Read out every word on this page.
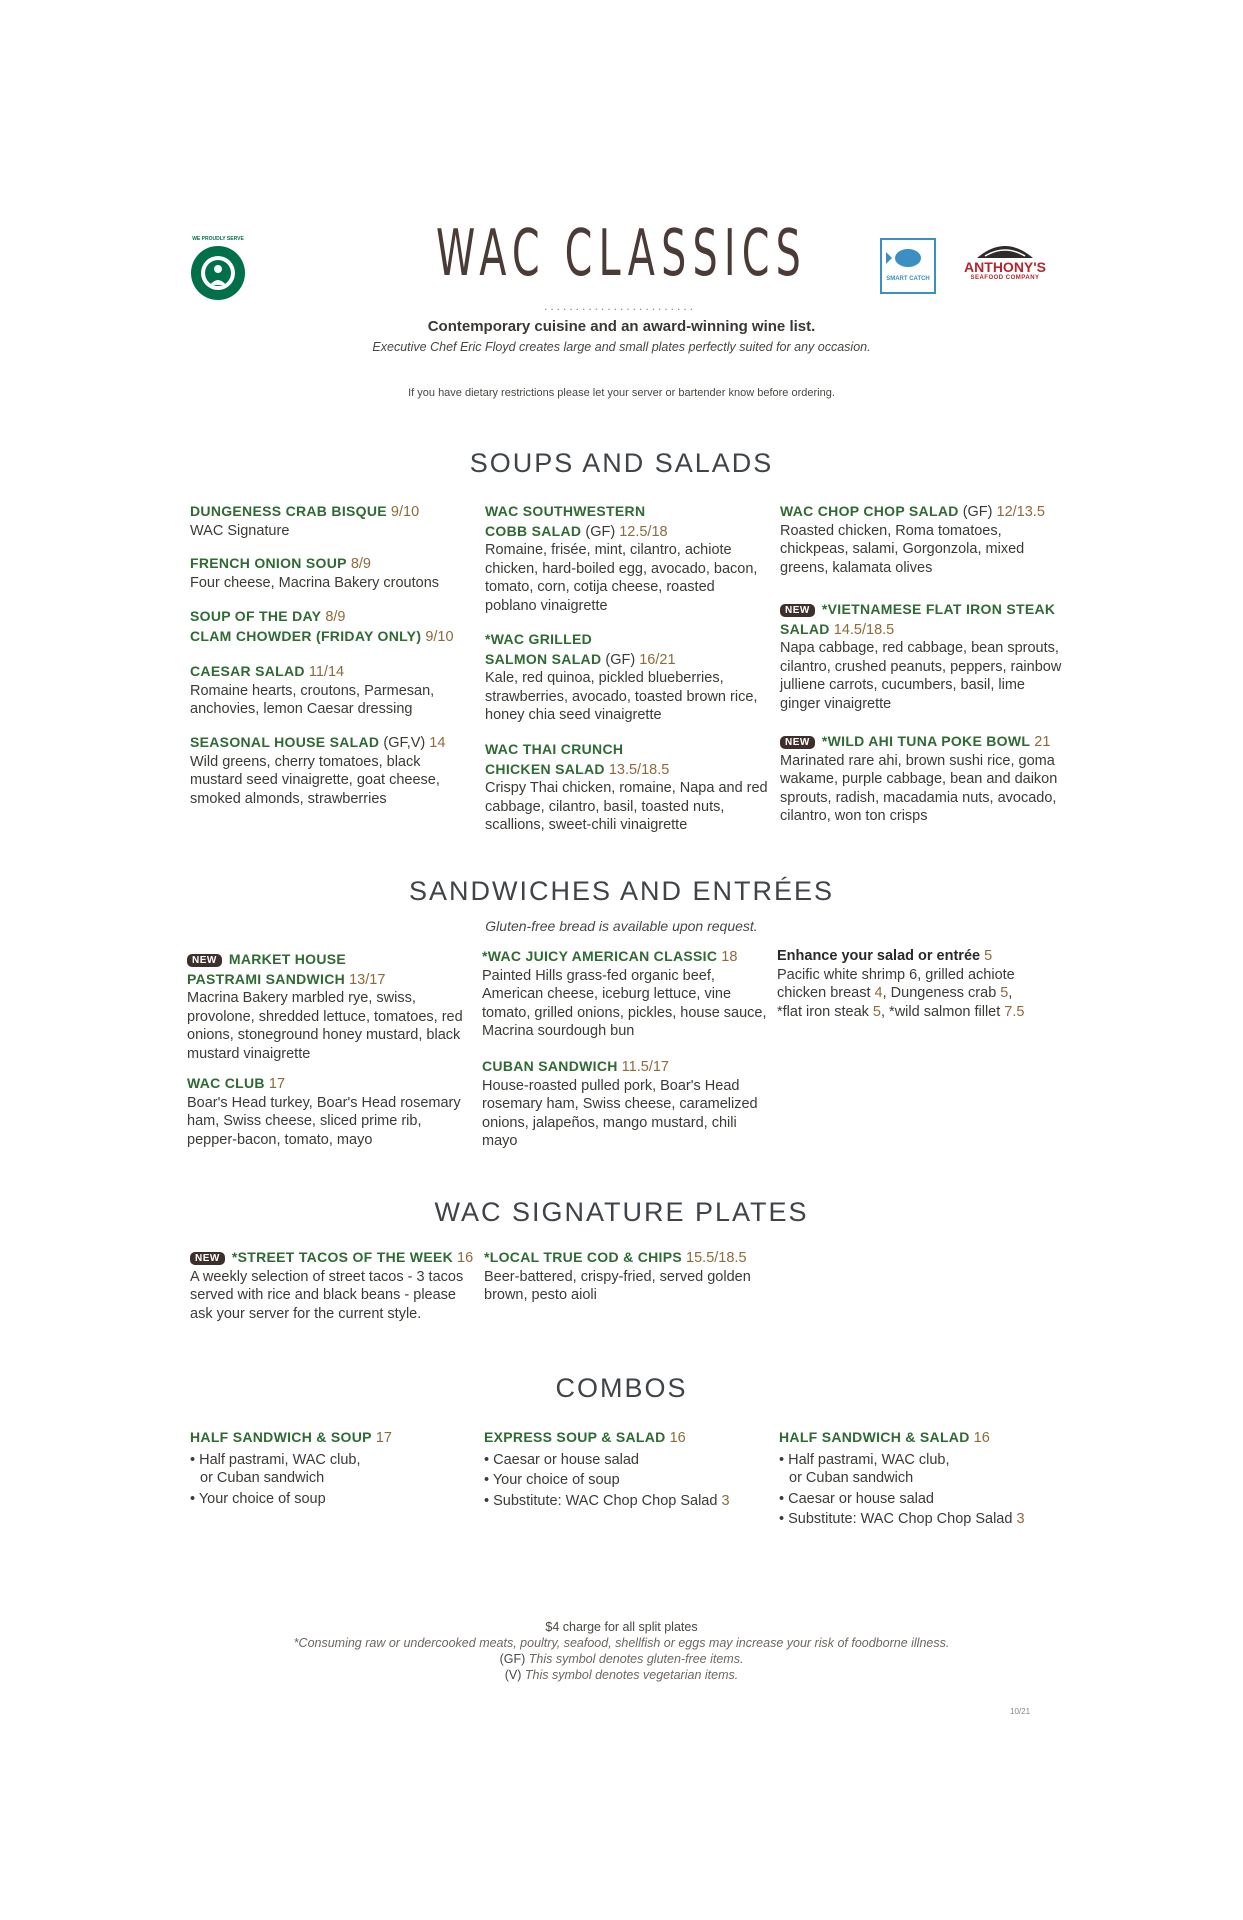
WE PROUDLY SERVE
SMART CATCH
ANTHONY'S
SEAFOOD COMPANY
WAC CLASSICS
........................
Contemporary cuisine and an award-winning wine list.
Executive Chef Eric Floyd creates large and small plates perfectly suited for any occasion.
If you have dietary restrictions please let your server or bartender know before ordering.
SOUPS AND SALADS
DUNGENESS CRAB BISQUE 9/10
WAC Signature
FRENCH ONION SOUP 8/9
Four cheese, Macrina Bakery croutons
SOUP OF THE DAY 8/9
CLAM CHOWDER (FRIDAY ONLY) 9/10
CAESAR SALAD 11/14
Romaine hearts, croutons, Parmesan, anchovies, lemon Caesar dressing
SEASONAL HOUSE SALAD (GF,V) 14
Wild greens, cherry tomatoes, black mustard seed vinaigrette, goat cheese, smoked almonds, strawberries
WAC SOUTHWESTERN
COBB SALAD (GF) 12.5/18
Romaine, frisée, mint, cilantro, achiote chicken, hard-boiled egg, avocado, bacon, tomato, corn, cotija cheese, roasted poblano vinaigrette
*WAC GRILLED
SALMON SALAD (GF) 16/21
Kale, red quinoa, pickled blueberries, strawberries, avocado, toasted brown rice, honey chia seed vinaigrette
WAC THAI CRUNCH
CHICKEN SALAD 13.5/18.5
Crispy Thai chicken, romaine, Napa and red cabbage, cilantro, basil, toasted nuts, scallions, sweet-chili vinaigrette
WAC CHOP CHOP SALAD (GF) 12/13.5
Roasted chicken, Roma tomatoes, chickpeas, salami, Gorgonzola, mixed greens, kalamata olives
NEW *VIETNAMESE FLAT IRON STEAK SALAD 14.5/18.5
Napa cabbage, red cabbage, bean sprouts, cilantro, crushed peanuts, peppers, rainbow julliene carrots, cucumbers, basil, lime ginger vinaigrette
NEW *WILD AHI TUNA POKE BOWL 21
Marinated rare ahi, brown sushi rice, goma wakame, purple cabbage, bean and daikon sprouts, radish, macadamia nuts, avocado, cilantro, won ton crisps
SANDWICHES AND ENTRÉES
Gluten-free bread is available upon request.
NEW MARKET HOUSE
PASTRAMI SANDWICH 13/17
Macrina Bakery marbled rye, swiss, provolone, shredded lettuce, tomatoes, red onions, stoneground honey mustard, black mustard vinaigrette
WAC CLUB 17
Boar's Head turkey, Boar's Head rosemary ham, Swiss cheese, sliced prime rib, pepper-bacon, tomato, mayo
*WAC JUICY AMERICAN CLASSIC 18
Painted Hills grass-fed organic beef, American cheese, iceburg lettuce, vine tomato, grilled onions, pickles, house sauce, Macrina sourdough bun
CUBAN SANDWICH 11.5/17
House-roasted pulled pork, Boar's Head rosemary ham, Swiss cheese, caramelized onions, jalapeños, mango mustard, chili mayo
Enhance your salad or entrée 5
Pacific white shrimp 6, grilled achiote
chicken breast 4, Dungeness crab 5,
*flat iron steak 5, *wild salmon fillet 7.5
WAC SIGNATURE PLATES
NEW *STREET TACOS OF THE WEEK 16
A weekly selection of street tacos - 3 tacos served with rice and black beans - please ask your server for the current style.
*LOCAL TRUE COD & CHIPS 15.5/18.5
Beer-battered, crispy-fried, served golden brown, pesto aioli
COMBOS
HALF SANDWICH & SOUP 17
• Half pastrami, WAC club,
or Cuban sandwich
• Your choice of soup
EXPRESS SOUP & SALAD 16
• Caesar or house salad
• Your choice of soup
• Substitute: WAC Chop Chop Salad 3
HALF SANDWICH & SALAD 16
• Half pastrami, WAC club,
or Cuban sandwich
• Caesar or house salad
• Substitute: WAC Chop Chop Salad 3
$4 charge for all split plates
*Consuming raw or undercooked meats, poultry, seafood, shellfish or eggs may increase your risk of foodborne illness.
(GF) This symbol denotes gluten-free items.
(V) This symbol denotes vegetarian items.
10/21
